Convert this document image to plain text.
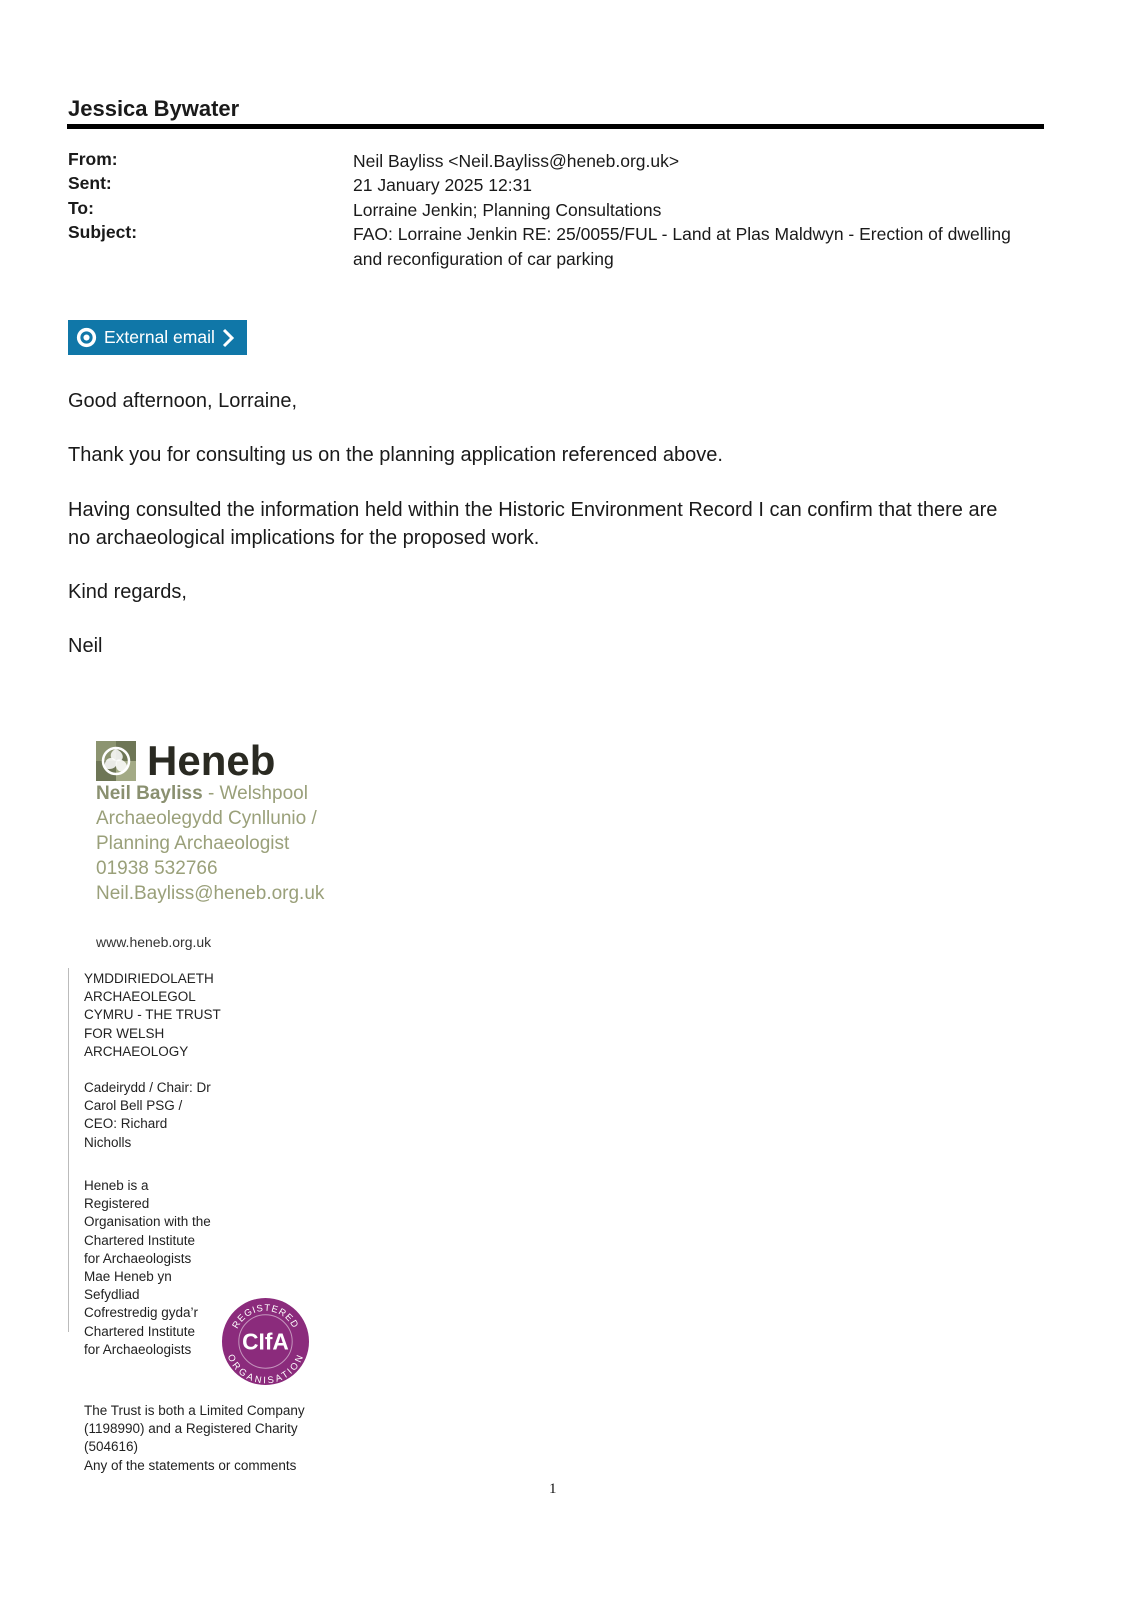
Jessica Bywater
From:	Neil Bayliss <Neil.Bayliss@heneb.org.uk>
Sent:	21 January 2025 12:31
To:	Lorraine Jenkin; Planning Consultations
Subject:	FAO: Lorraine Jenkin RE: 25/0055/FUL - Land at Plas Maldwyn - Erection of dwelling and reconfiguration of car parking
External email
Good afternoon, Lorraine,
Thank you for consulting us on the planning application referenced above.
Having consulted the information held within the Historic Environment Record I can confirm that there are no archaeological implications for the proposed work.
Kind regards,
Neil
Heneb
Neil Bayliss - Welshpool
Archaeolegydd Cynllunio /
Planning Archaeologist
01938 532766
Neil.Bayliss@heneb.org.uk
www.heneb.org.uk
YMDDIRIEDOLAETH ARCHAEOLEGOL CYMRU - THE TRUST FOR WELSH ARCHAEOLOGY
Cadeirydd / Chair: Dr Carol Bell PSG / CEO: Richard Nicholls
Heneb is a Registered Organisation with the Chartered Institute for Archaeologists Mae Heneb yn Sefydliad Cofrestredig gyda’r Chartered Institute for Archaeologists
REGISTERED
ORGANISATION
CIfA
The Trust is both a Limited Company (1198990) and a Registered Charity (504616)
Any of the statements or comments
1
